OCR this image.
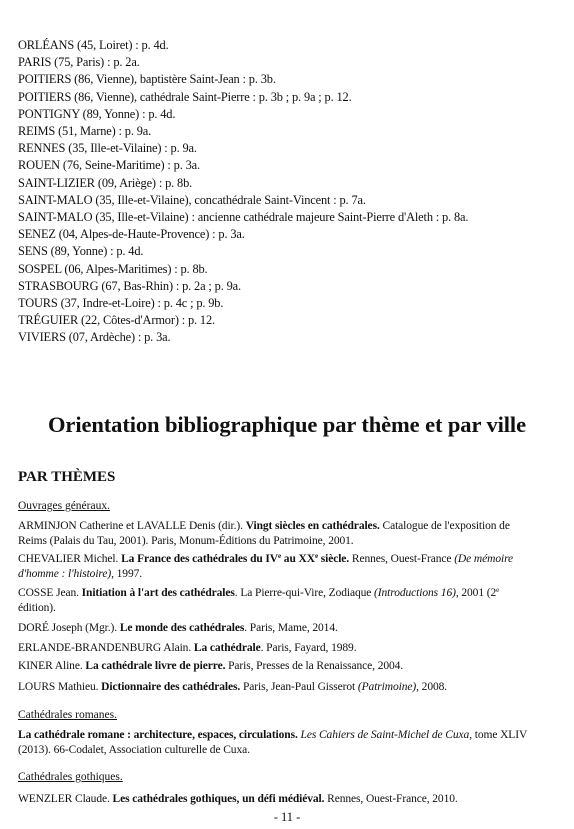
ORLÉANS (45, Loiret) : p. 4d.
PARIS (75, Paris) : p. 2a.
POITIERS (86, Vienne), baptistère Saint-Jean : p. 3b.
POITIERS (86, Vienne), cathédrale Saint-Pierre : p. 3b ; p. 9a ; p. 12.
PONTIGNY (89, Yonne) : p. 4d.
REIMS (51, Marne) : p. 9a.
RENNES (35, Ille-et-Vilaine) : p. 9a.
ROUEN (76, Seine-Maritime) : p. 3a.
SAINT-LIZIER (09, Ariège) : p. 8b.
SAINT-MALO (35, Ille-et-Vilaine), concathédrale Saint-Vincent : p. 7a.
SAINT-MALO (35, Ille-et-Vilaine) : ancienne cathédrale majeure Saint-Pierre d'Aleth : p. 8a.
SENEZ (04, Alpes-de-Haute-Provence) : p. 3a.
SENS (89, Yonne) : p. 4d.
SOSPEL (06, Alpes-Maritimes) : p. 8b.
STRASBOURG (67, Bas-Rhin) : p. 2a ; p. 9a.
TOURS (37, Indre-et-Loire) : p. 4c ; p. 9b.
TRÉGUIER (22, Côtes-d'Armor) : p. 12.
VIVIERS (07, Ardèche) : p. 3a.
Orientation bibliographique par thème et par ville
PAR THÈMES
Ouvrages généraux.
ARMINJON Catherine et LAVALLE Denis (dir.). Vingt siècles en cathédrales. Catalogue de l'exposition de Reims (Palais du Tau, 2001). Paris, Monum-Éditions du Patrimoine, 2001.
CHEVALIER Michel. La France des cathédrales du IVe au XXe siècle. Rennes, Ouest-France (De mémoire d'homme : l'histoire), 1997.
COSSE Jean. Initiation à l'art des cathédrales. La Pierre-qui-Vire, Zodiaque (Introductions 16), 2001 (2e édition).
DORÉ Joseph (Mgr.). Le monde des cathédrales. Paris, Mame, 2014.
ERLANDE-BRANDENBURG Alain. La cathédrale. Paris, Fayard, 1989.
KINER Aline. La cathédrale livre de pierre. Paris, Presses de la Renaissance, 2004.
LOURS Mathieu. Dictionnaire des cathédrales. Paris, Jean-Paul Gisserot (Patrimoine), 2008.
Cathédrales romanes.
La cathédrale romane : architecture, espaces, circulations. Les Cahiers de Saint-Michel de Cuxa, tome XLIV (2013). 66-Codalet, Association culturelle de Cuxa.
Cathédrales gothiques.
WENZLER Claude. Les cathédrales gothiques, un défi médiéval. Rennes, Ouest-France, 2010.
- 11 -
